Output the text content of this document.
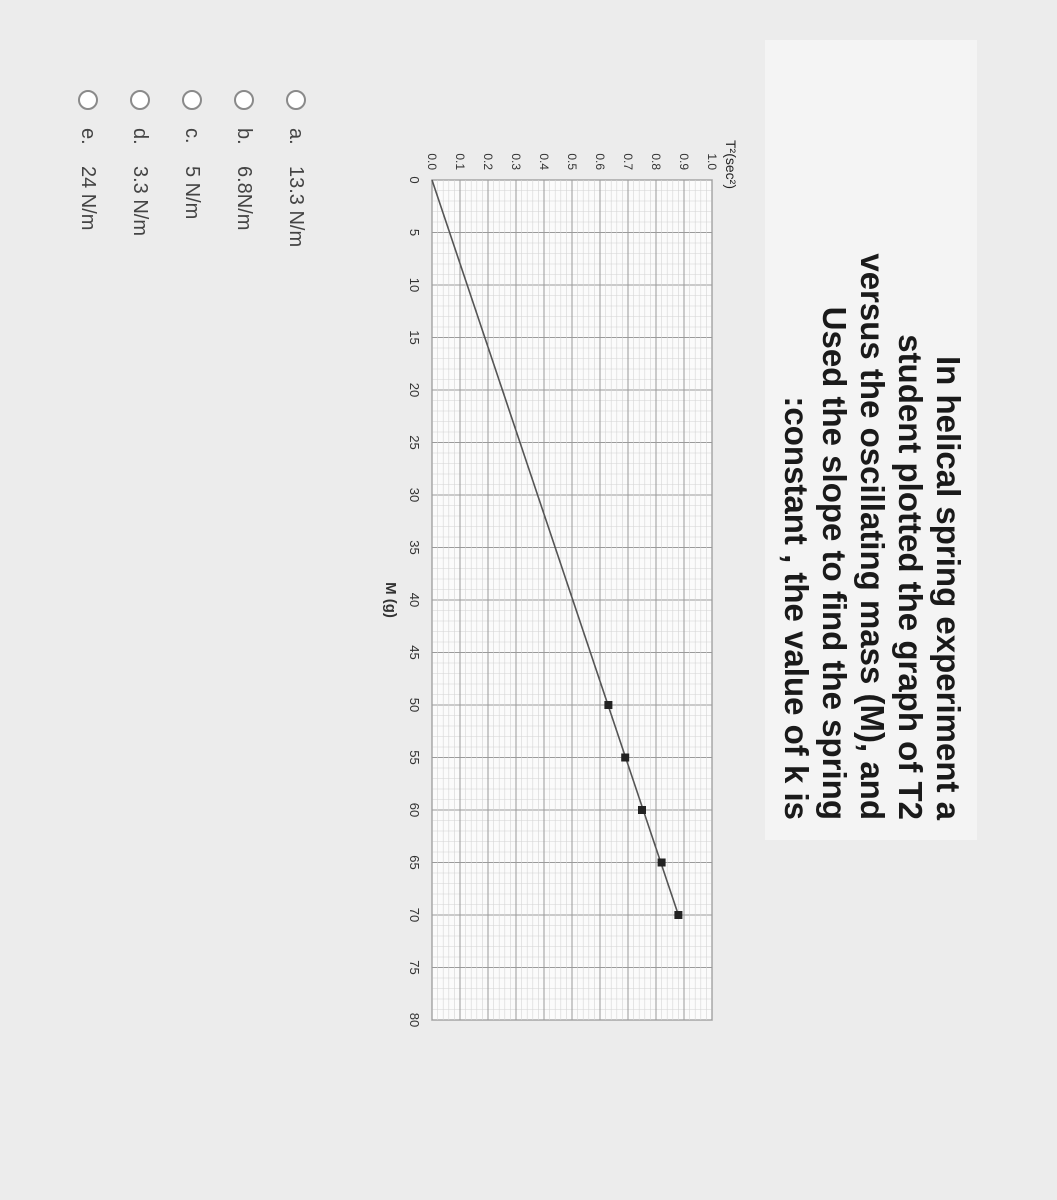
In helical spring experiment a
student plotted the graph of T2
versus the oscillating mass (M), and
Used the slope to find the spring
:constant , the value of k is
0
5
10
15
20
25
30
35
40
45
50
55
60
65
70
75
80
0.0 0.1 0.2 0.3 0.4 0.5 0.6 0.7 0.8 0.9 1.0
M (g)
T²(sec²)
a.
13.3 N/m
b.
6.8N/m
c.
5 N/m
d.
3.3 N/m
e.
24 N/m
